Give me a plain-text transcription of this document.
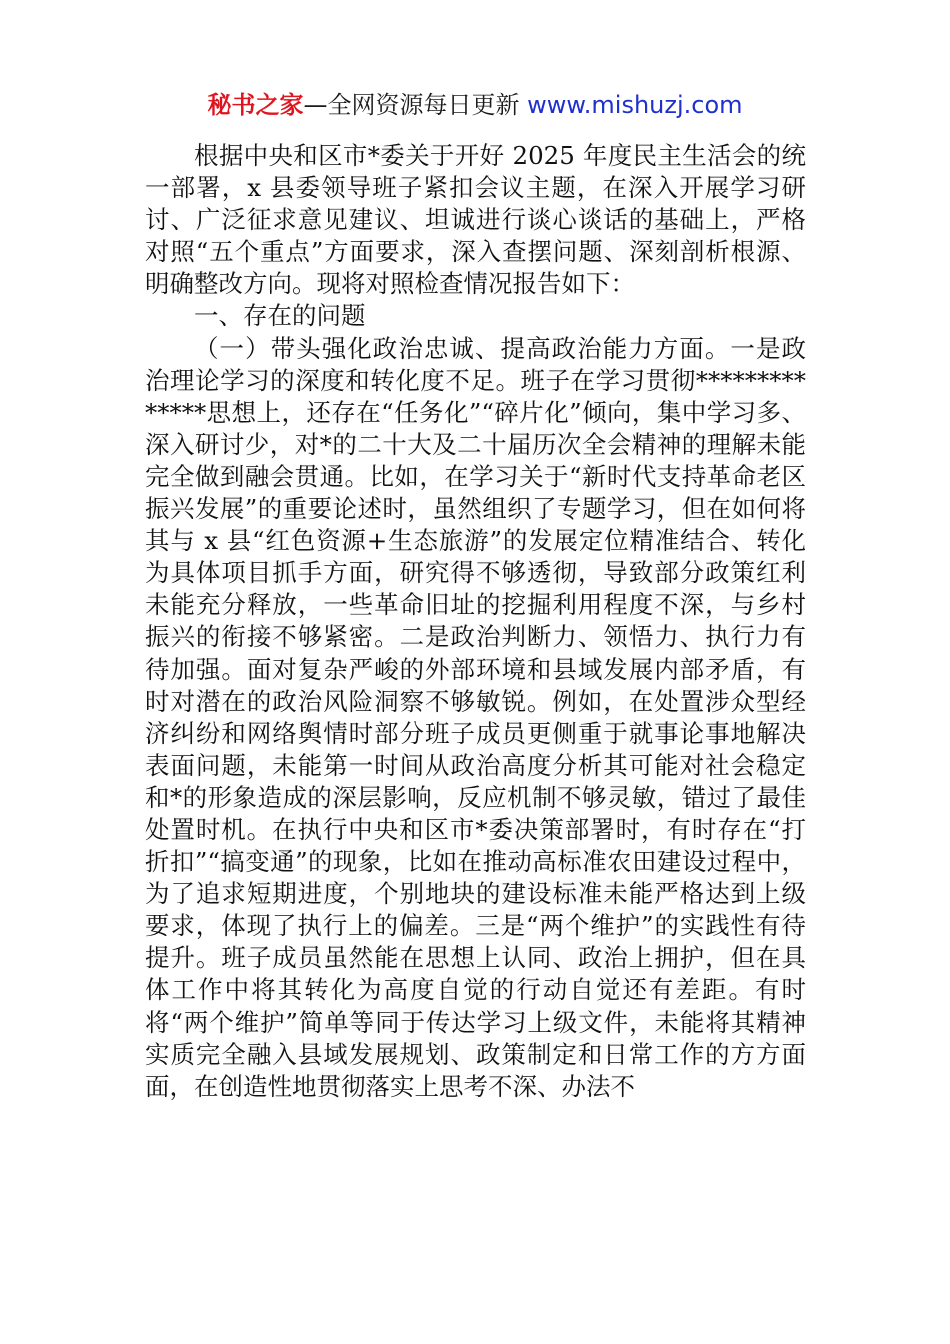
秘书之家—全网资源每日更新 www.mishuzj.com

根据中央和区市*委关于开好 2025 年度民主生活会的统一部署，x 县委领导班子紧扣会议主题，在深入开展学习研讨、广泛征求意见建议、坦诚进行谈心谈话的基础上，严格对照“五个重点”方面要求，深入查摆问题、深刻剖析根源、明确整改方向。现将对照检查情况报告如下：

一、存在的问题

（一）带头强化政治忠诚、提高政治能力方面。一是政治理论学习的深度和转化度不足。班子在学习贯彻**************思想上，还存在“任务化”“碎片化”倾向，集中学习多、深入研讨少，对*的二十大及二十届历次全会精神的理解未能完全做到融会贯通。比如，在学习关于“新时代支持革命老区振兴发展”的重要论述时，虽然组织了专题学习，但在如何将其与 x 县“红色资源+生态旅游”的发展定位精准结合、转化为具体项目抓手方面，研究得不够透彻，导致部分政策红利未能充分释放，一些革命旧址的挖掘利用程度不深，与乡村振兴的衔接不够紧密。二是政治判断力、领悟力、执行力有待加强。面对复杂严峻的外部环境和县域发展内部矛盾，有时对潜在的政治风险洞察不够敏锐。例如，在处置涉众型经济纠纷和网络舆情时部分班子成员更侧重于就事论事地解决表面问题，未能第一时间从政治高度分析其可能对社会稳定和*的形象造成的深层影响，反应机制不够灵敏，错过了最佳处置时机。在执行中央和区市*委决策部署时，有时存在“打折扣”“搞变通”的现象，比如在推动高标准农田建设过程中，为了追求短期进度，个别地块的建设标准未能严格达到上级要求，体现了执行上的偏差。三是“两个维护”的实践性有待提升。班子成员虽然能在思想上认同、政治上拥护，但在具体工作中将其转化为高度自觉的行动自觉还有差距。有时将“两个维护”简单等同于传达学习上级文件，未能将其精神实质完全融入县域发展规划、政策制定和日常工作的方方面面，在创造性地贯彻落实上思考不深、办法不
